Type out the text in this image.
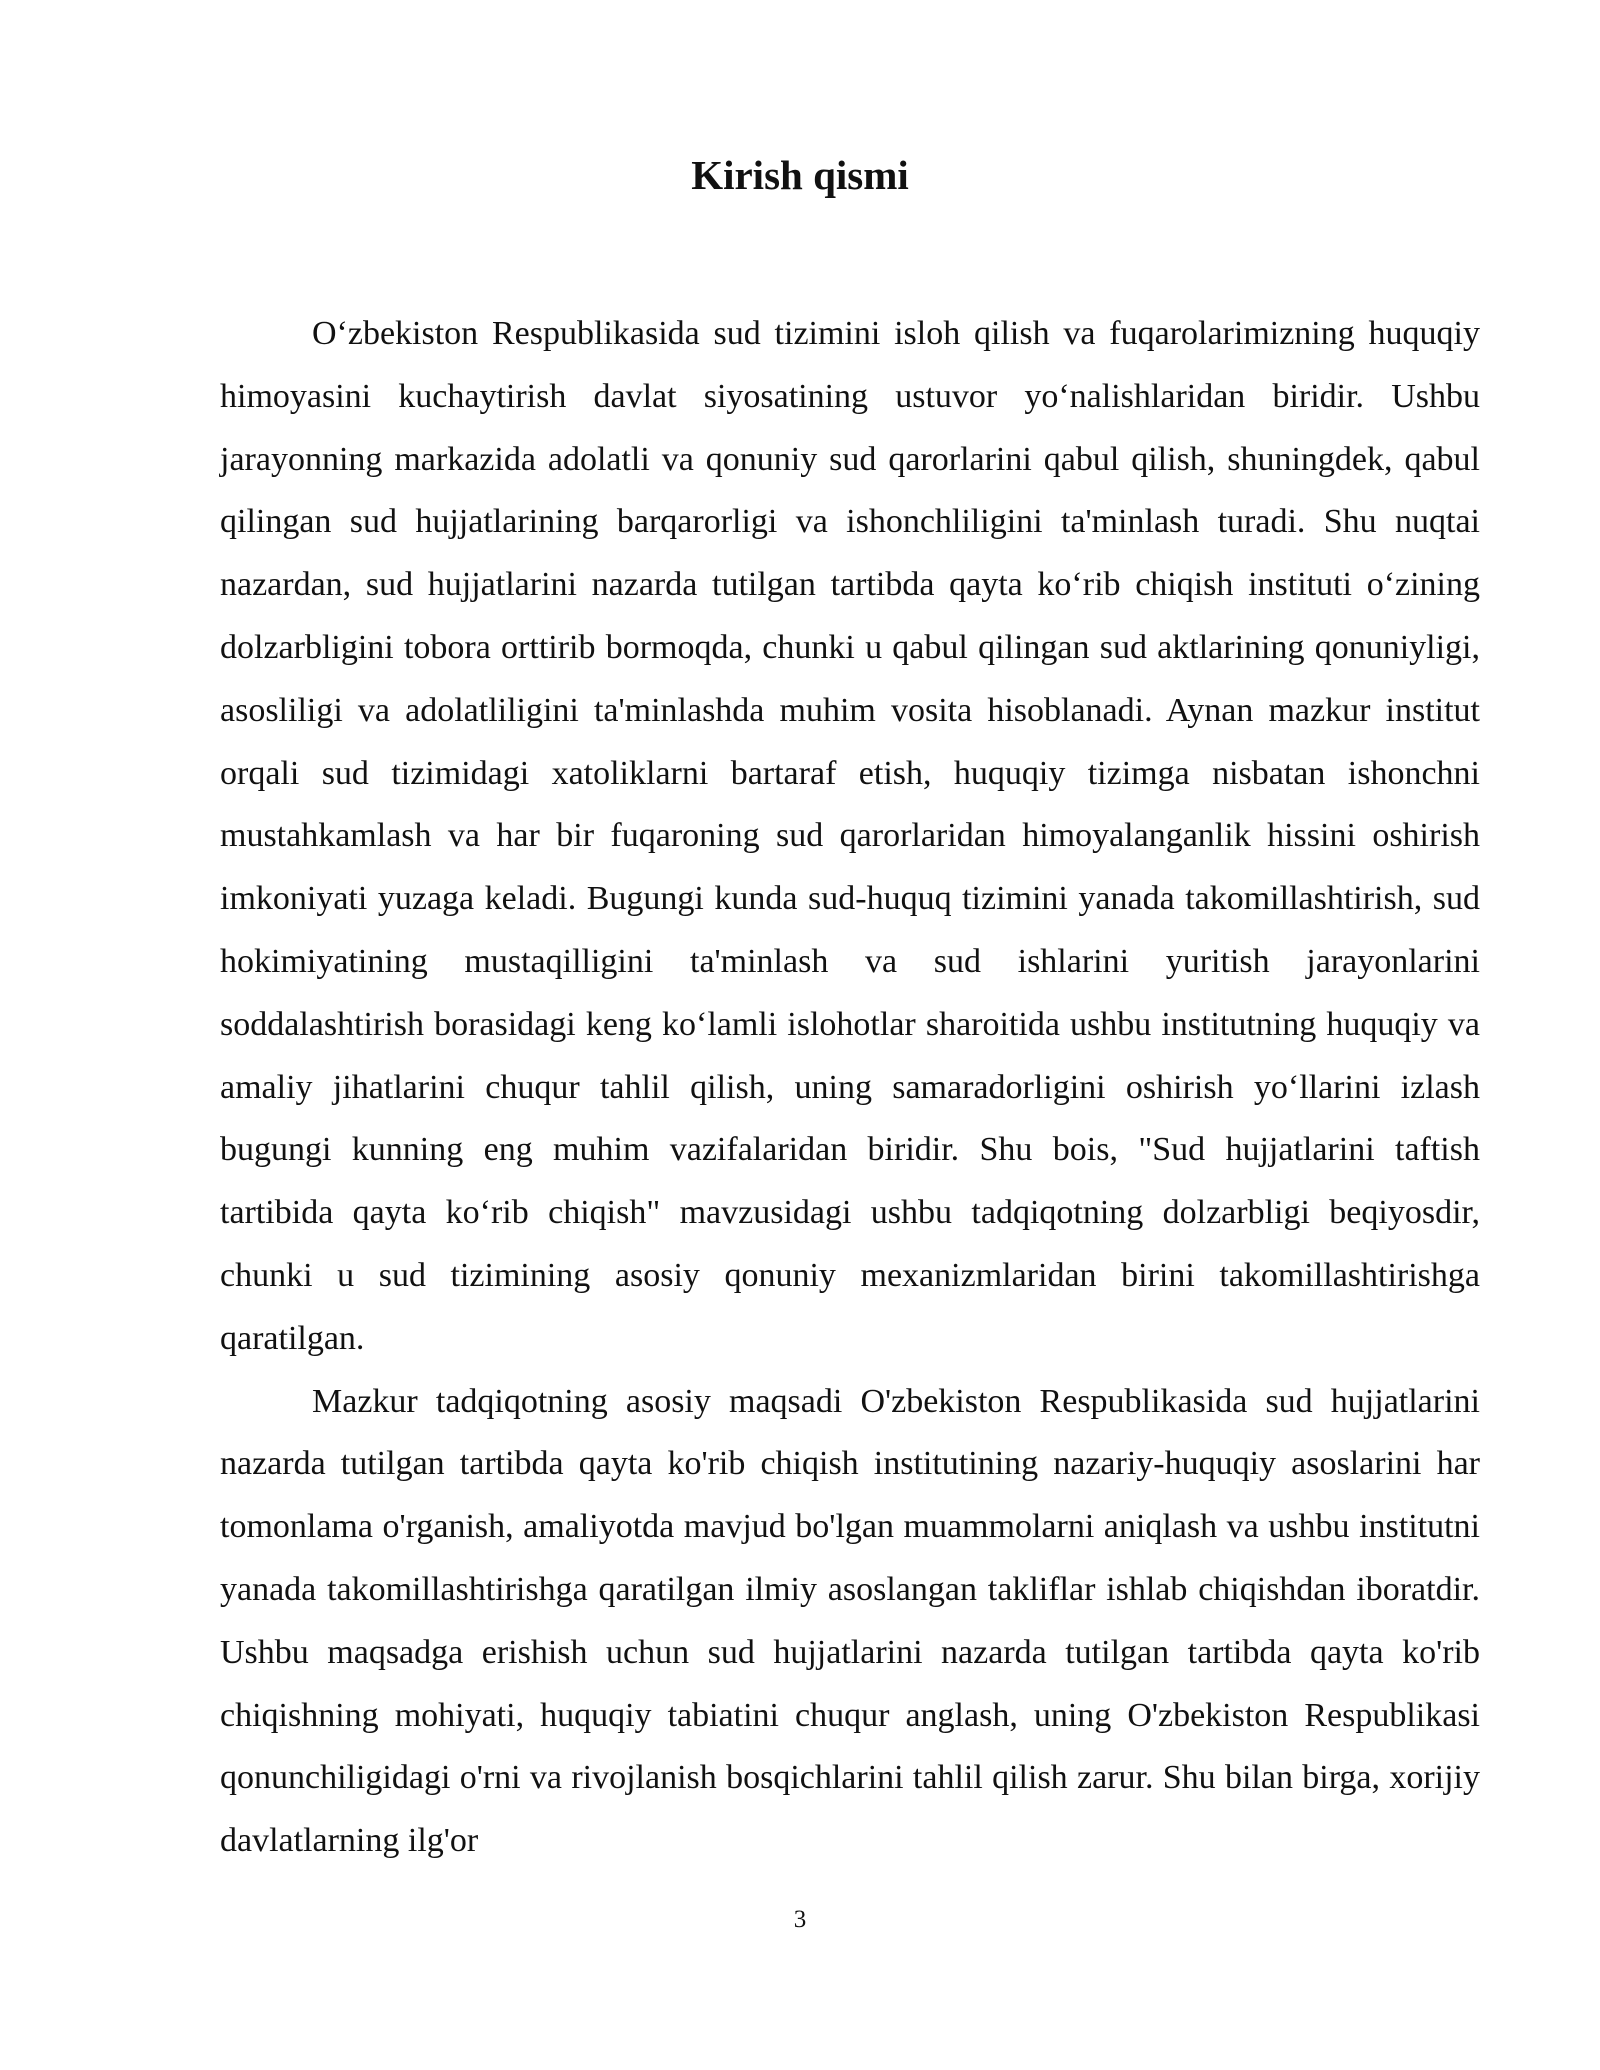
Kirish qismi

O‘zbekiston Respublikasida sud tizimini isloh qilish va fuqarolarimizning huquqiy himoyasini kuchaytirish davlat siyosatining ustuvor yo‘nalishlaridan biridir. Ushbu jarayonning markazida adolatli va qonuniy sud qarorlarini qabul qilish, shuningdek, qabul qilingan sud hujjatlarining barqarorligi va ishonchliligini ta'minlash turadi. Shu nuqtai nazardan, sud hujjatlarini nazarda tutilgan tartibda qayta ko‘rib chiqish instituti o‘zining dolzarbligini tobora orttirib bormoqda, chunki u qabul qilingan sud aktlarining qonuniyligi, asosliligi va adolatliligini ta'minlashda muhim vosita hisoblanadi. Aynan mazkur institut orqali sud tizimidagi xatoliklarni bartaraf etish, huquqiy tizimga nisbatan ishonchni mustahkamlash va har bir fuqaroning sud qarorlaridan himoyalanganlik hissini oshirish imkoniyati yuzaga keladi. Bugungi kunda sud-huquq tizimini yanada takomillashtirish, sud hokimiyatining mustaqilligini ta'minlash va sud ishlarini yuritish jarayonlarini soddalashtirish borasidagi keng ko‘lamli islohotlar sharoitida ushbu institutning huquqiy va amaliy jihatlarini chuqur tahlil qilish, uning samaradorligini oshirish yo‘llarini izlash bugungi kunning eng muhim vazifalaridan biridir. Shu bois, "Sud hujjatlarini taftish tartibida qayta ko‘rib chiqish" mavzusidagi ushbu tadqiqotning dolzarbligi beqiyosdir, chunki u sud tizimining asosiy qonuniy mexanizmlaridan birini takomillashtirishga qaratilgan.

Mazkur tadqiqotning asosiy maqsadi O'zbekiston Respublikasida sud hujjatlarini nazarda tutilgan tartibda qayta ko'rib chiqish institutining nazariy-huquqiy asoslarini har tomonlama o'rganish, amaliyotda mavjud bo'lgan muammolarni aniqlash va ushbu institutni yanada takomillashtirishga qaratilgan ilmiy asoslangan takliflar ishlab chiqishdan iboratdir. Ushbu maqsadga erishish uchun sud hujjatlarini nazarda tutilgan tartibda qayta ko'rib chiqishning mohiyati, huquqiy tabiatini chuqur anglash, uning O'zbekiston Respublikasi qonunchiligidagi o'rni va rivojlanish bosqichlarini tahlil qilish zarur. Shu bilan birga, xorijiy davlatlarning ilg'or

3
